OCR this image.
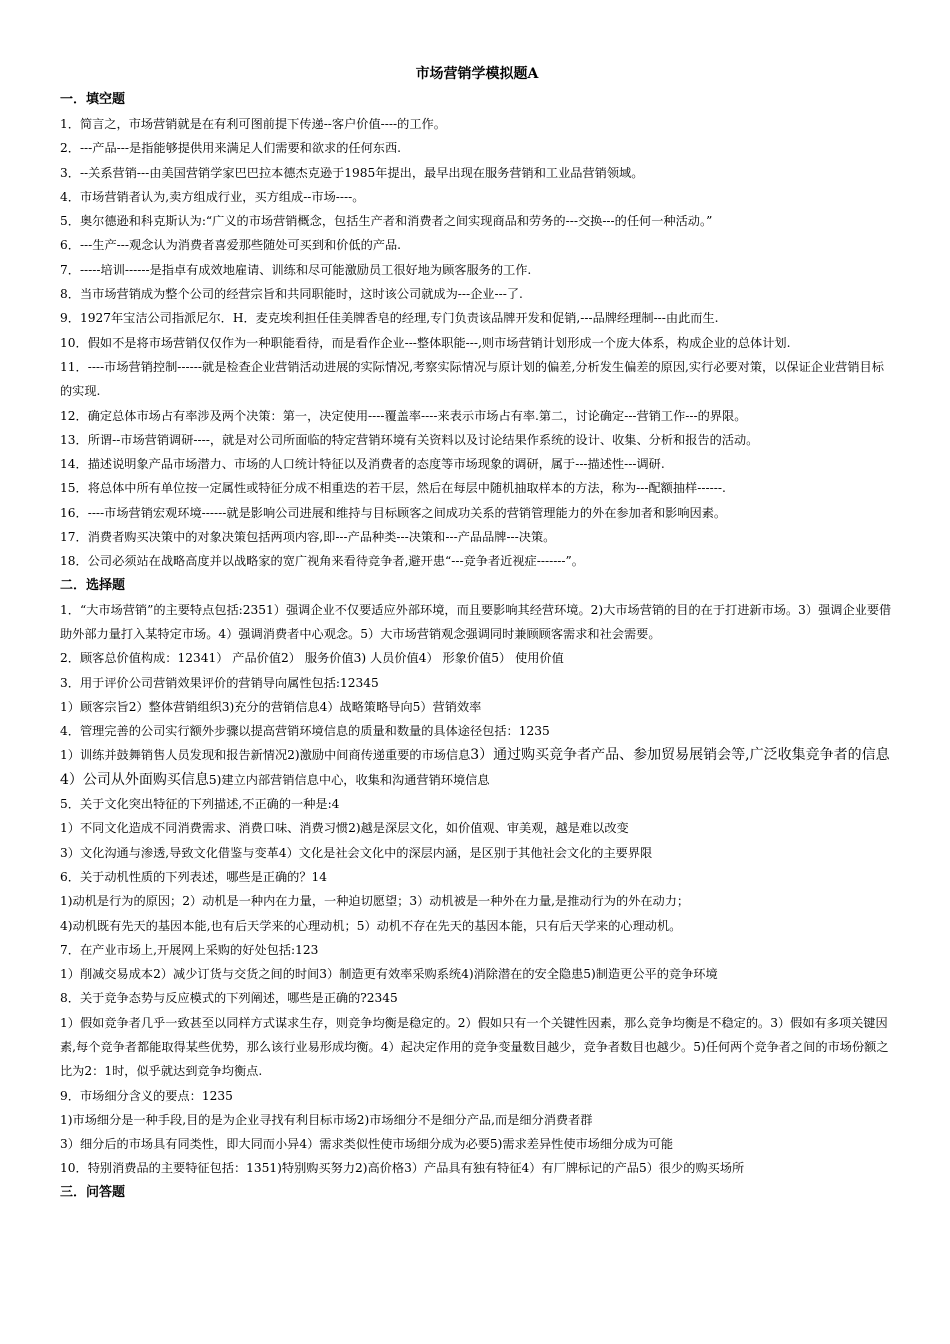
市场营销学模拟题A
一．填空题
1．简言之，市场营销就是在有利可图前提下传递--客户价值----的工作。
2．---产品---是指能够提供用来满足人们需要和欲求的任何东西.
3．--关系营销---由美国营销学家巴巴拉本德杰克逊于1985年提出，最早出现在服务营销和工业品营销领域。
4．市场营销者认为,卖方组成行业，买方组成--市场----。
5．奥尔德逊和科克斯认为:“广义的市场营销概念，包括生产者和消费者之间实现商品和劳务的---交换---的任何一种活动。”
6．---生产---观念认为消费者喜爱那些随处可买到和价低的产品.
7．-----培训------是指卓有成效地雇请、训练和尽可能激励员工很好地为顾客服务的工作.
8．当市场营销成为整个公司的经营宗旨和共同职能时，这时该公司就成为---企业---了.
9．1927年宝洁公司指派尼尔．H．麦克埃利担任佳美牌香皂的经理,专门负责该品牌开发和促销,---品牌经理制---由此而生.
10．假如不是将市场营销仅仅作为一种职能看待，而是看作企业---整体职能---,则市场营销计划形成一个庞大体系，构成企业的总体计划.
11．----市场营销控制------就是检查企业营销活动进展的实际情况,考察实际情况与原计划的偏差,分析发生偏差的原因,实行必要对策，以保证企业营销目标的实现.
12．确定总体市场占有率涉及两个决策：第一，决定使用----覆盖率----来表示市场占有率.第二，讨论确定---营销工作---的界限。
13．所谓--市场营销调研----，就是对公司所面临的特定营销环境有关资料以及讨论结果作系统的设计、收集、分析和报告的活动。
14．描述说明象产品市场潜力、市场的人口统计特征以及消费者的态度等市场现象的调研，属于---描述性---调研.
15．将总体中所有单位按一定属性或特征分成不相重迭的若干层，然后在每层中随机抽取样本的方法，称为---配额抽样------.
16．----市场营销宏观环境------就是影响公司进展和维持与目标顾客之间成功关系的营销管理能力的外在参加者和影响因素。
17．消费者购买决策中的对象决策包括两项内容,即---产品种类---决策和---产品品牌---决策。
18．公司必须站在战略高度并以战略家的宽广视角来看待竞争者,避开患“---竞争者近视症-------”。
二．选择题
1．“大市场营销”的主要特点包括:2351）强调企业不仅要适应外部环境，而且要影响其经营环境。2)大市场营销的目的在于打进新市场。3）强调企业要借助外部力量打入某特定市场。4）强调消费者中心观念。5）大市场营销观念强调同时兼顾顾客需求和社会需要。
2．顾客总价值构成：12341） 产品价值2） 服务价值3) 人员价值4） 形象价值5） 使用价值
3．用于评价公司营销效果评价的营销导向属性包括:12345
1）顾客宗旨2）整体营销组织3)充分的营销信息4）战略策略导向5）营销效率
4．管理完善的公司实行额外步骤以提高营销环境信息的质量和数量的具体途径包括：1235
1）训练并鼓舞销售人员发现和报告新情况2)激励中间商传递重要的市场信息3）通过购买竞争者产品、参加贸易展销会等,广泛收集竞争者的信息4）公司从外面购买信息5)建立内部营销信息中心，收集和沟通营销环境信息
5．关于文化突出特征的下列描述,不正确的一种是:4
1）不同文化造成不同消费需求、消费口味、消费习惯2)越是深层文化，如价值观、审美观，越是难以改变
3）文化沟通与渗透,导致文化借鉴与变革4）文化是社会文化中的深层内涵，是区别于其他社会文化的主要界限
6．关于动机性质的下列表述，哪些是正确的？14
1)动机是行为的原因；2）动机是一种内在力量，一种迫切愿望；3）动机被是一种外在力量,是推动行为的外在动力；
4)动机既有先天的基因本能,也有后天学来的心理动机；5）动机不存在先天的基因本能，只有后天学来的心理动机。
7．在产业市场上,开展网上采购的好处包括:123
1）削减交易成本2）减少订货与交货之间的时间3）制造更有效率采购系统4)消除潜在的安全隐患5)制造更公平的竞争环境
8．关于竞争态势与反应模式的下列阐述，哪些是正确的?2345
1）假如竞争者几乎一致甚至以同样方式谋求生存，则竞争均衡是稳定的。2）假如只有一个关键性因素，那么竞争均衡是不稳定的。3）假如有多项关键因素,每个竞争者都能取得某些优势，那么该行业易形成均衡。4）起决定作用的竞争变量数目越少，竞争者数目也越少。5)任何两个竞争者之间的市场份额之比为2：1时，似乎就达到竞争均衡点.
9．市场细分含义的要点：1235
1)市场细分是一种手段,目的是为企业寻找有利目标市场2)市场细分不是细分产品,而是细分消费者群
3）细分后的市场具有同类性，即大同而小异4）需求类似性使市场细分成为必要5)需求差异性使市场细分成为可能
10．特别消费品的主要特征包括：1351)特别购买努力2)高价格3）产品具有独有特征4）有厂牌标记的产品5）很少的购买场所
三．问答题
